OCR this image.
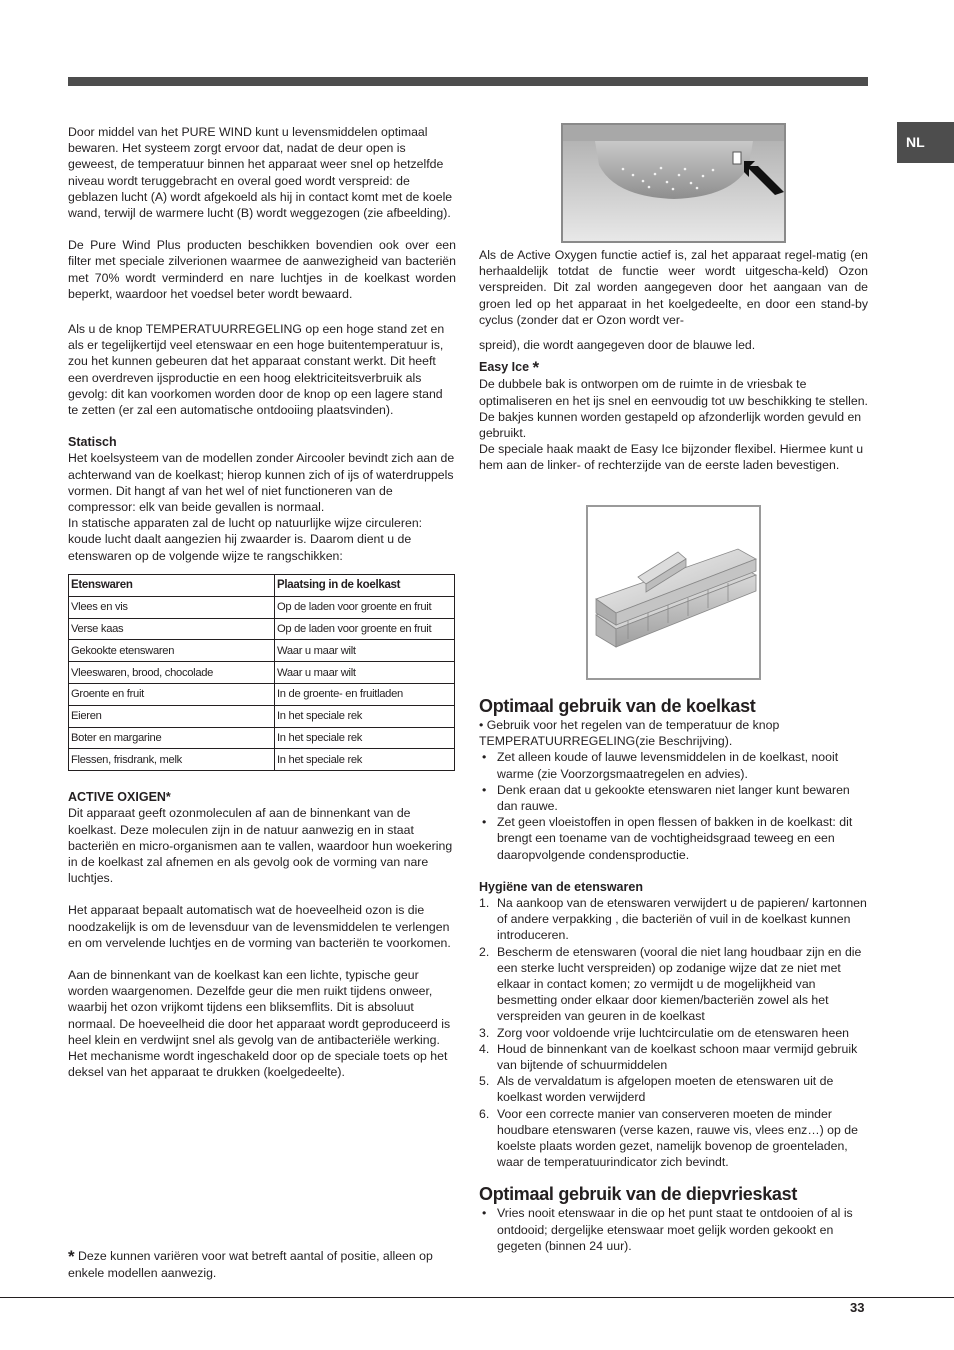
NL

Door middel van het PURE WIND kunt u levensmiddelen optimaal bewaren. Het systeem zorgt ervoor dat, nadat de deur open is geweest, de temperatuur binnen het apparaat weer snel op hetzelfde niveau wordt teruggebracht en overal goed wordt verspreid: de geblazen lucht (A) wordt afgekoeld als hij in contact komt met de koele wand, terwijl de warmere lucht (B) wordt weggezogen (zie afbeelding).

De Pure Wind Plus producten beschikken bovendien ook over een filter met speciale zilverionen waarmee de aanwezigheid van bacteriën met 70% wordt verminderd en nare luchtjes in de koelkast worden beperkt, waardoor het voedsel beter wordt bewaard.

Als u de knop TEMPERATUURREGELING op een hoge stand zet en als er tegelijkertijd veel etenswaar en een hoge buitentemperatuur is, zou het kunnen gebeuren dat het apparaat constant werkt. Dit heeft een overdreven ijsproductie en een hoog elektriciteitsverbruik als gevolg: dit kan voorkomen worden door de knop op een lagere stand te zetten (er zal een automatische ontdooiing plaatsvinden).

Statisch

Het koelsysteem van de modellen zonder Aircooler bevindt zich aan de achterwand van de koelkast; hierop kunnen zich of ijs of waterdruppels vormen. Dit hangt af van het wel of niet functioneren van de compressor: elk van beide gevallen is normaal.

In statische apparaten zal de lucht op natuurlijke wijze circuleren: koude lucht daalt aangezien hij zwaarder is. Daarom dient u de etenswaren op de volgende wijze te rangschikken:

Etenswaren	Plaatsing in de koelkast
Vlees en vis	Op de laden voor groente en fruit
Verse kaas	Op de laden voor groente en fruit
Gekookte etenswaren	Waar u maar wilt
Vleeswaren, brood, chocolade	Waar u maar wilt
Groente en fruit	In de groente- en fruitladen
Eieren	In het speciale rek
Boter en margarine	In het speciale rek
Flessen, frisdrank, melk	In het speciale rek

ACTIVE OXIGEN*

Dit apparaat geeft ozonmoleculen af aan de binnenkant van de koelkast. Deze moleculen zijn in de natuur aanwezig en in staat bacteriën en micro-organismen aan te vallen, waardoor hun woekering in de koelkast zal afnemen en als gevolg ook de vorming van nare luchtjes.

Het apparaat bepaalt automatisch wat de hoeveelheid ozon is die noodzakelijk is om de levensduur van de levensmiddelen te verlengen en om vervelende luchtjes en de vorming van bacteriën te voorkomen.

Aan de binnenkant van de koelkast kan een lichte, typische geur worden waargenomen. Dezelfde geur die men ruikt tijdens onweer, waarbij het ozon vrijkomt tijdens een bliksemflits. Dit is absoluut normaal. De hoeveelheid die door het apparaat wordt geproduceerd is heel klein en verdwijnt snel als gevolg van de antibacteriële werking.

Het mechanisme wordt ingeschakeld door op de speciale toets op het deksel van het apparaat te drukken (koelgedeelte).

* Deze kunnen variëren voor wat betreft aantal of positie, alleen op enkele modellen aanwezig.

Als de Active Oxygen functie actief is, zal het apparaat regel-matig (en herhaaldelijk totdat de functie weer wordt uitgescha-keld) Ozon verspreiden. Dit zal worden aangegeven door het aangaan van de groen led op het apparaat in het koelgedeelte, en door een stand-by cyclus (zonder dat er Ozon wordt ver-

spreid), die wordt aangegeven door de blauwe led.

Easy Ice *

De dubbele bak is ontworpen om de ruimte in de vriesbak te optimaliseren en het ijs snel en eenvoudig tot uw beschikking te stellen. De bakjes kunnen worden gestapeld op afzonderlijk worden gevuld en gebruikt.

De speciale haak maakt de Easy Ice bijzonder flexibel. Hiermee kunt u hem aan de linker- of rechterzijde van de eerste laden bevestigen.

Optimaal gebruik van de koelkast

• Gebruik voor het regelen van de temperatuur de knop TEMPERATUURREGELING(zie Beschrijving).

• Zet alleen koude of lauwe levensmiddelen in de koelkast, nooit warme (zie Voorzorgsmaatregelen en advies).
• Denk eraan dat u gekookte etenswaren niet langer kunt bewaren dan rauwe.
• Zet geen vloeistoffen in open flessen of bakken in de koelkast: dit brengt een toename van de vochtigheidsgraad teweeg en een daaropvolgende condensproductie.

Hygiëne van de etenswaren

1. Na aankoop van de etenswaren verwijdert u de papieren/ kartonnen of andere verpakking , die bacteriën of vuil in de koelkast kunnen introduceren.
2. Bescherm de etenswaren (vooral die niet lang houdbaar zijn en die een sterke lucht verspreiden) op zodanige wijze dat ze niet met elkaar in contact komen; zo vermijdt u de mogelijkheid van besmetting onder elkaar door kiemen/bacteriën zowel als het verspreiden van geuren in de koelkast
3. Zorg voor voldoende vrije luchtcirculatie om de etenswaren heen
4. Houd de binnenkant van de koelkast schoon maar vermijd gebruik van bijtende of schuurmiddelen
5. Als de vervaldatum is afgelopen moeten de etenswaren uit de koelkast worden verwijderd
6. Voor een correcte manier van conserveren moeten de minder houdbare etenswaren (verse kazen, rauwe vis, vlees enz…) op de koelste plaats worden gezet, namelijk bovenop de groenteladen, waar de temperatuurindicator zich bevindt.

Optimaal gebruik van de diepvrieskast

• Vries nooit etenswaar in die op het punt staat te ontdooien of al is ontdooid; dergelijke etenswaar moet gelijk worden gekookt en gegeten (binnen 24 uur).
33
